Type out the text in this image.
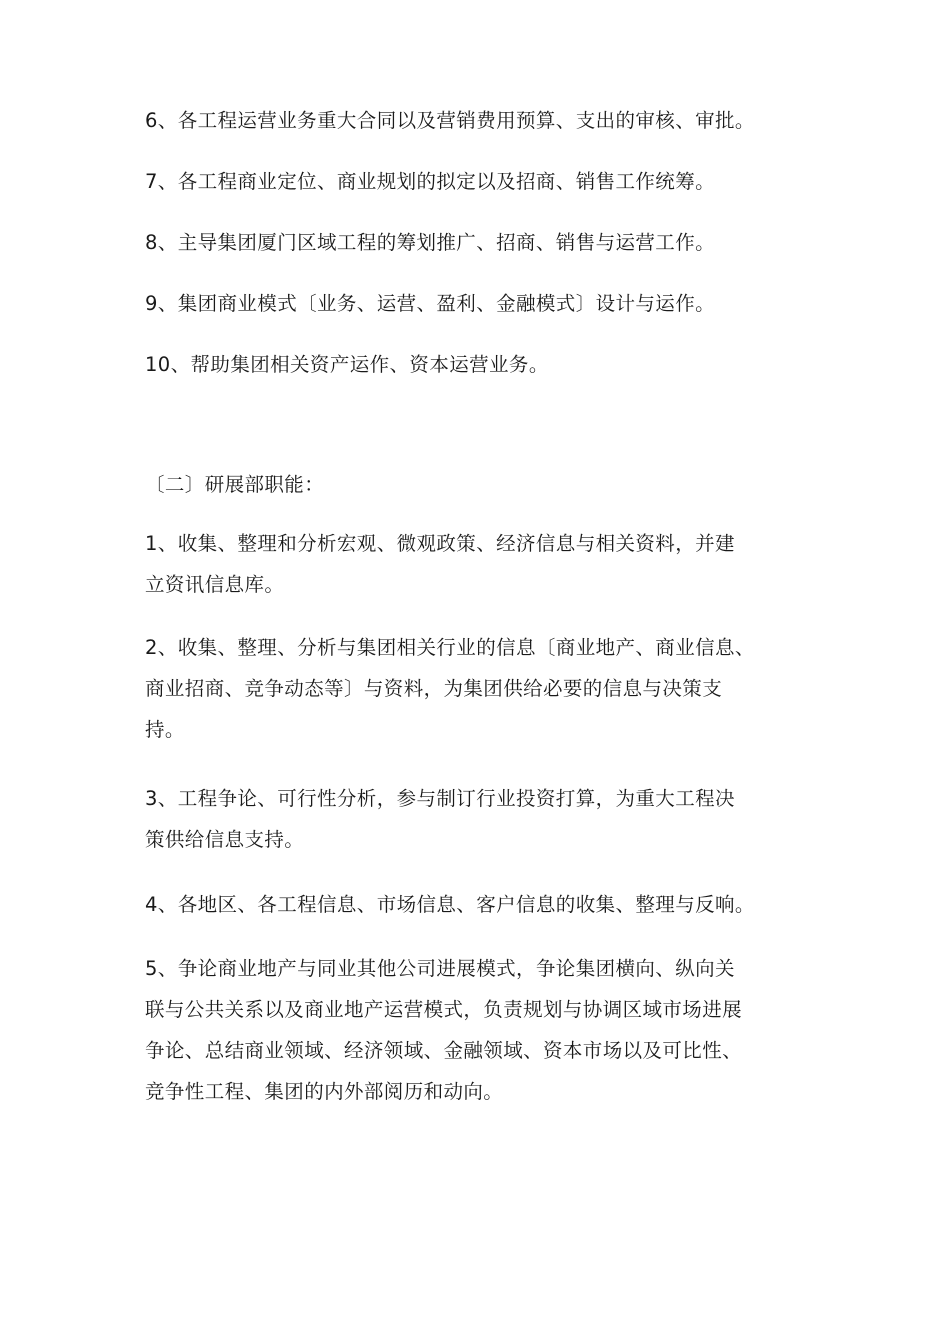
6、各工程运营业务重大合同以及营销费用预算、支出的审核、审批。

7、各工程商业定位、商业规划的拟定以及招商、销售工作统筹。

8、主导集团厦门区域工程的筹划推广、招商、销售与运营工作。

9、集团商业模式〔业务、运营、盈利、金融模式〕设计与运作。

10、帮助集团相关资产运作、资本运营业务。

〔二〕研展部职能：

1、收集、整理和分析宏观、微观政策、经济信息与相关资料，并建
立资讯信息库。

2、收集、整理、分析与集团相关行业的信息〔商业地产、商业信息、
商业招商、竞争动态等〕与资料，为集团供给必要的信息与决策支
持。

3、工程争论、可行性分析，参与制订行业投资打算，为重大工程决
策供给信息支持。

4、各地区、各工程信息、市场信息、客户信息的收集、整理与反响。

5、争论商业地产与同业其他公司进展模式，争论集团横向、纵向关
联与公共关系以及商业地产运营模式，负责规划与协调区域市场进展
争论、总结商业领域、经济领域、金融领域、资本市场以及可比性、
竞争性工程、集团的内外部阅历和动向。
